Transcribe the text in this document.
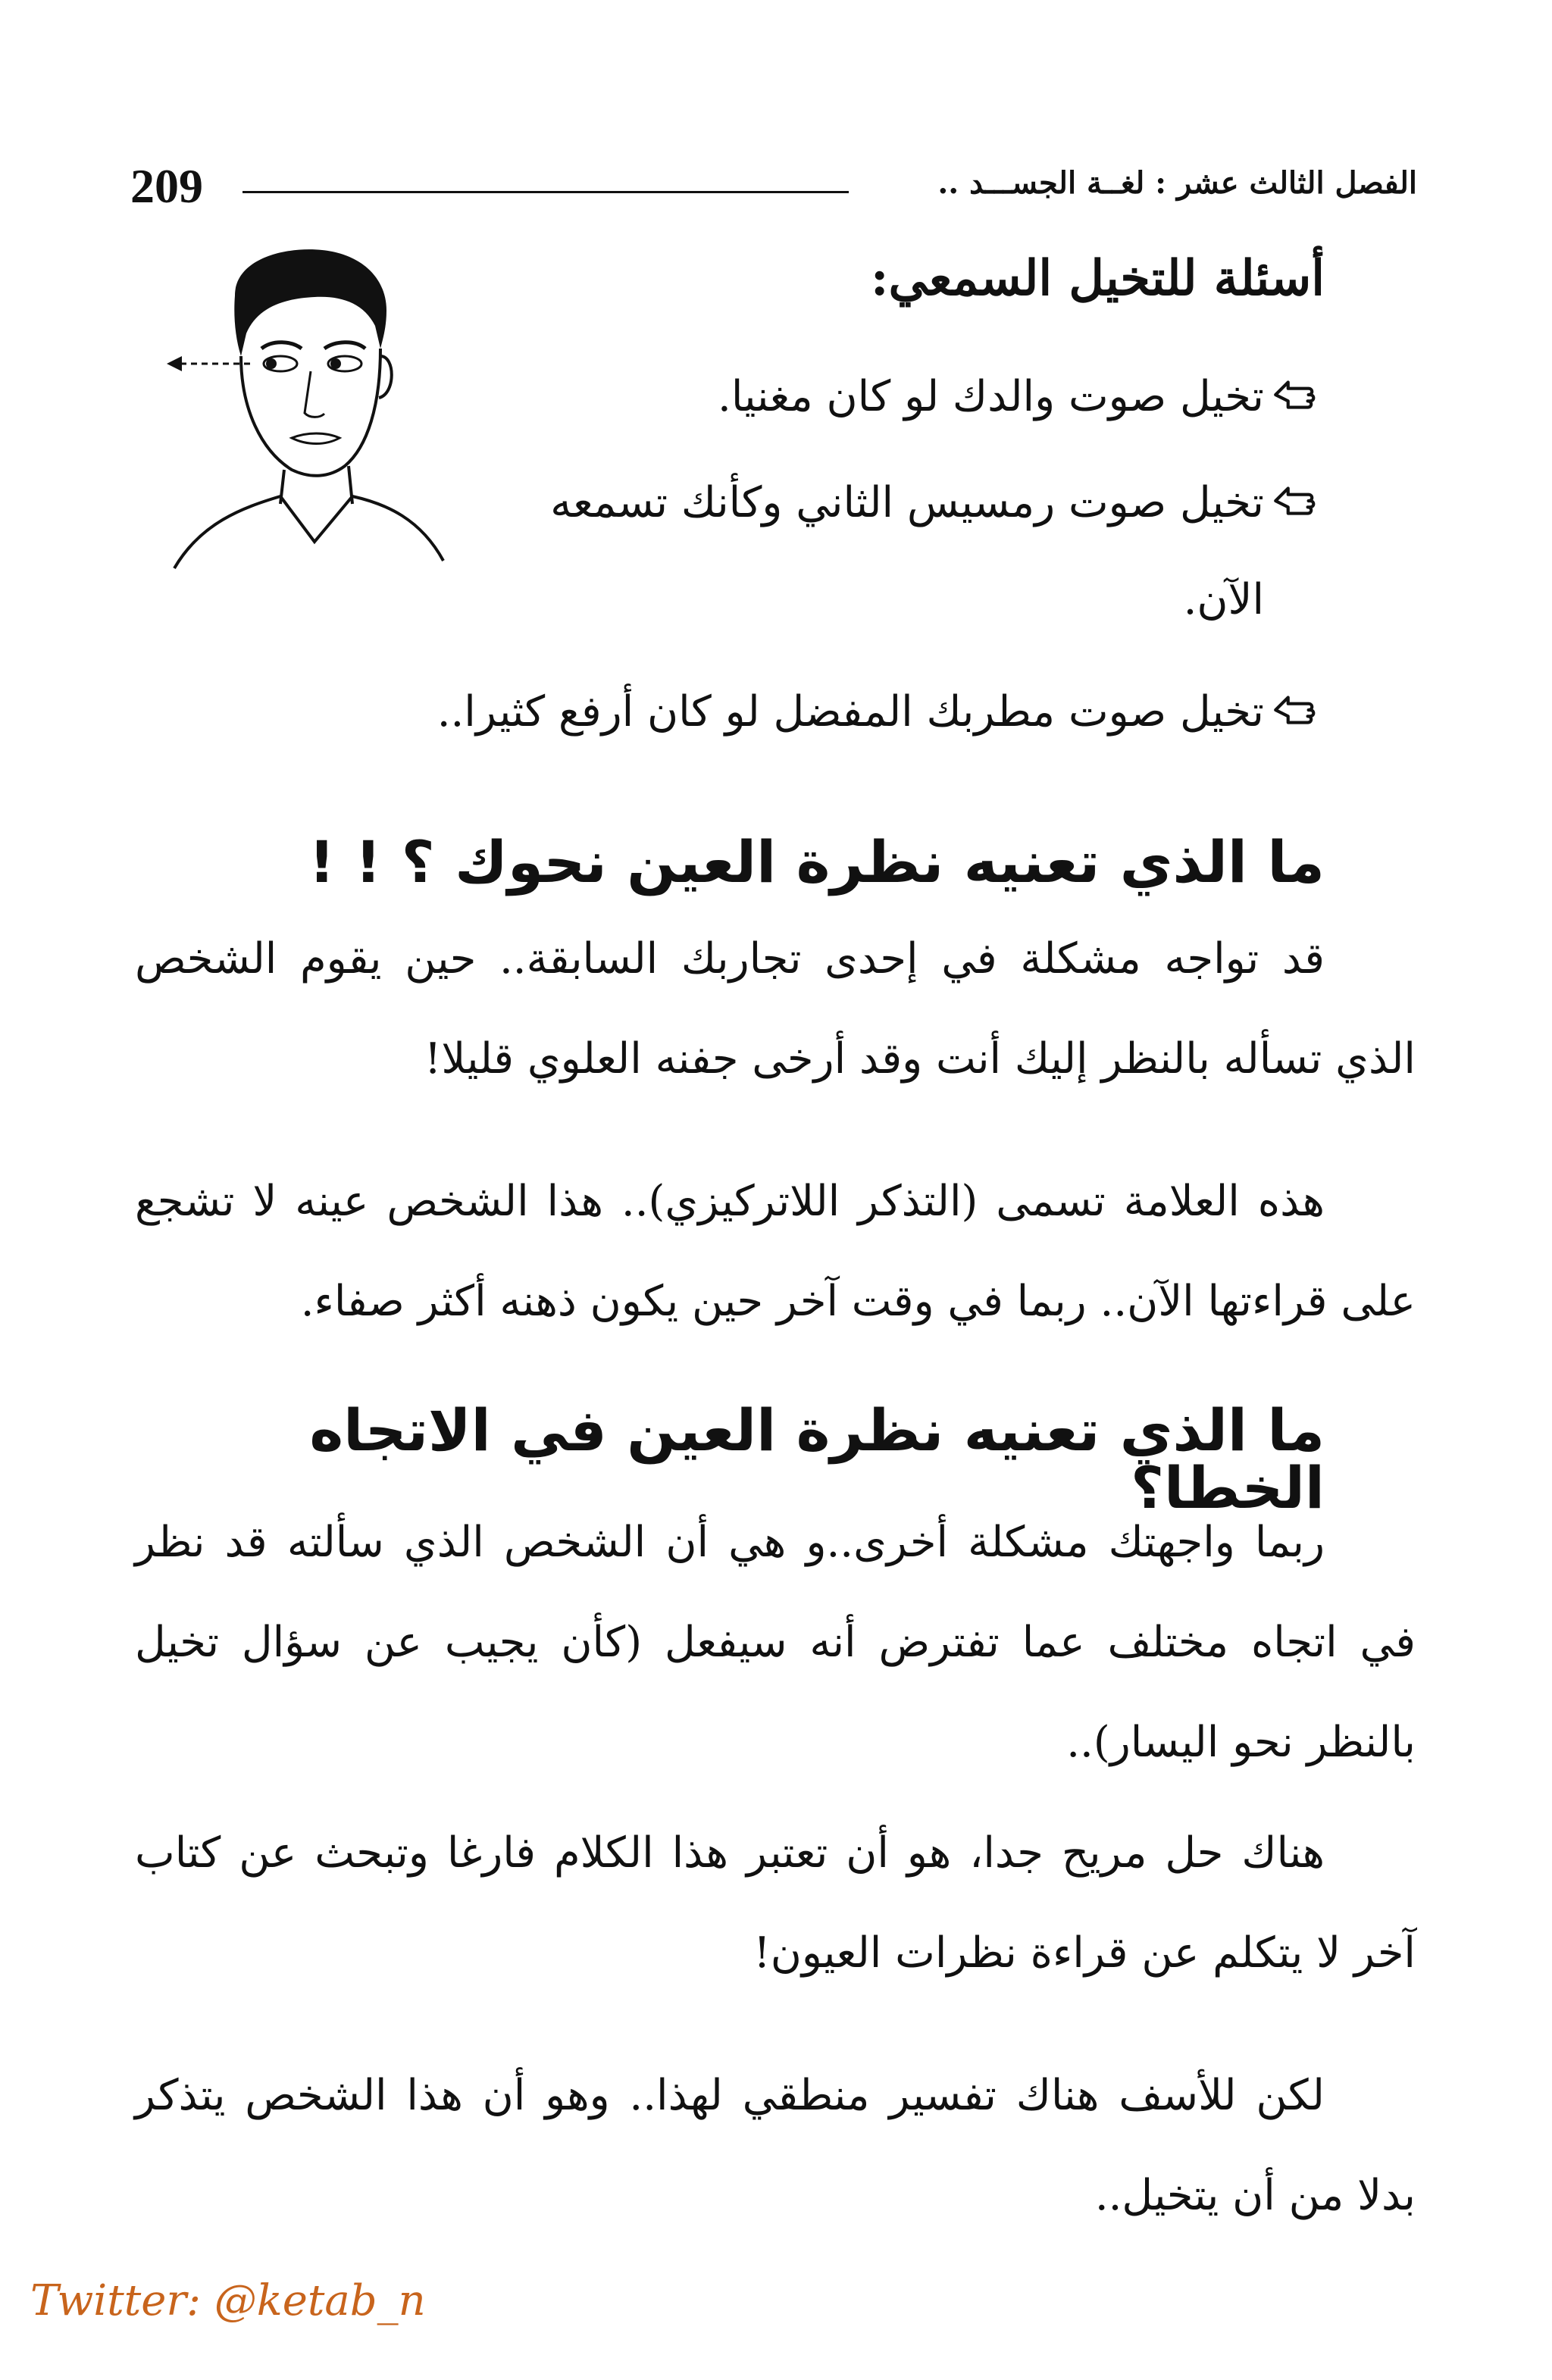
209	الفصل الثالث عشر : لغــة الجســـد ..
أسئلة للتخيل السمعي:
تخيل صوت والدك لو كان مغنيا.
تخيل صوت رمسيس الثاني وكأنك تسمعه الآن.
تخيل صوت مطربك المفضل لو كان أرفع كثيرا..
ما الذي تعنيه نظرة العين نحوك ؟ ! !

قد تواجه مشكلة في إحدى تجاربك السابقة.. حين يقوم الشخص الذي تسأله بالنظر إليك أنت وقد أرخى جفنه العلوي قليلا!

هذه العلامة تسمى (التذكر اللاتركيزي).. هذا الشخص عينه لا تشجع على قراءتها الآن.. ربما في وقت آخر حين يكون ذهنه أكثر صفاء.

ما الذي تعنيه نظرة العين في الاتجاه الخطا؟

ربما واجهتك مشكلة أخرى..و هي أن الشخص الذي سألته قد نظر في اتجاه مختلف عما تفترض أنه سيفعل (كأن يجيب عن سؤال تخيل بالنظر نحو اليسار)..

هناك حل مريح جدا، هو أن تعتبر هذا الكلام فارغا وتبحث عن كتاب آخر لا يتكلم عن قراءة نظرات العيون!

لكن للأسف هناك تفسير منطقي لهذا.. وهو أن هذا الشخص يتذكر بدلا من أن يتخيل..

Twitter: @ketab_n
